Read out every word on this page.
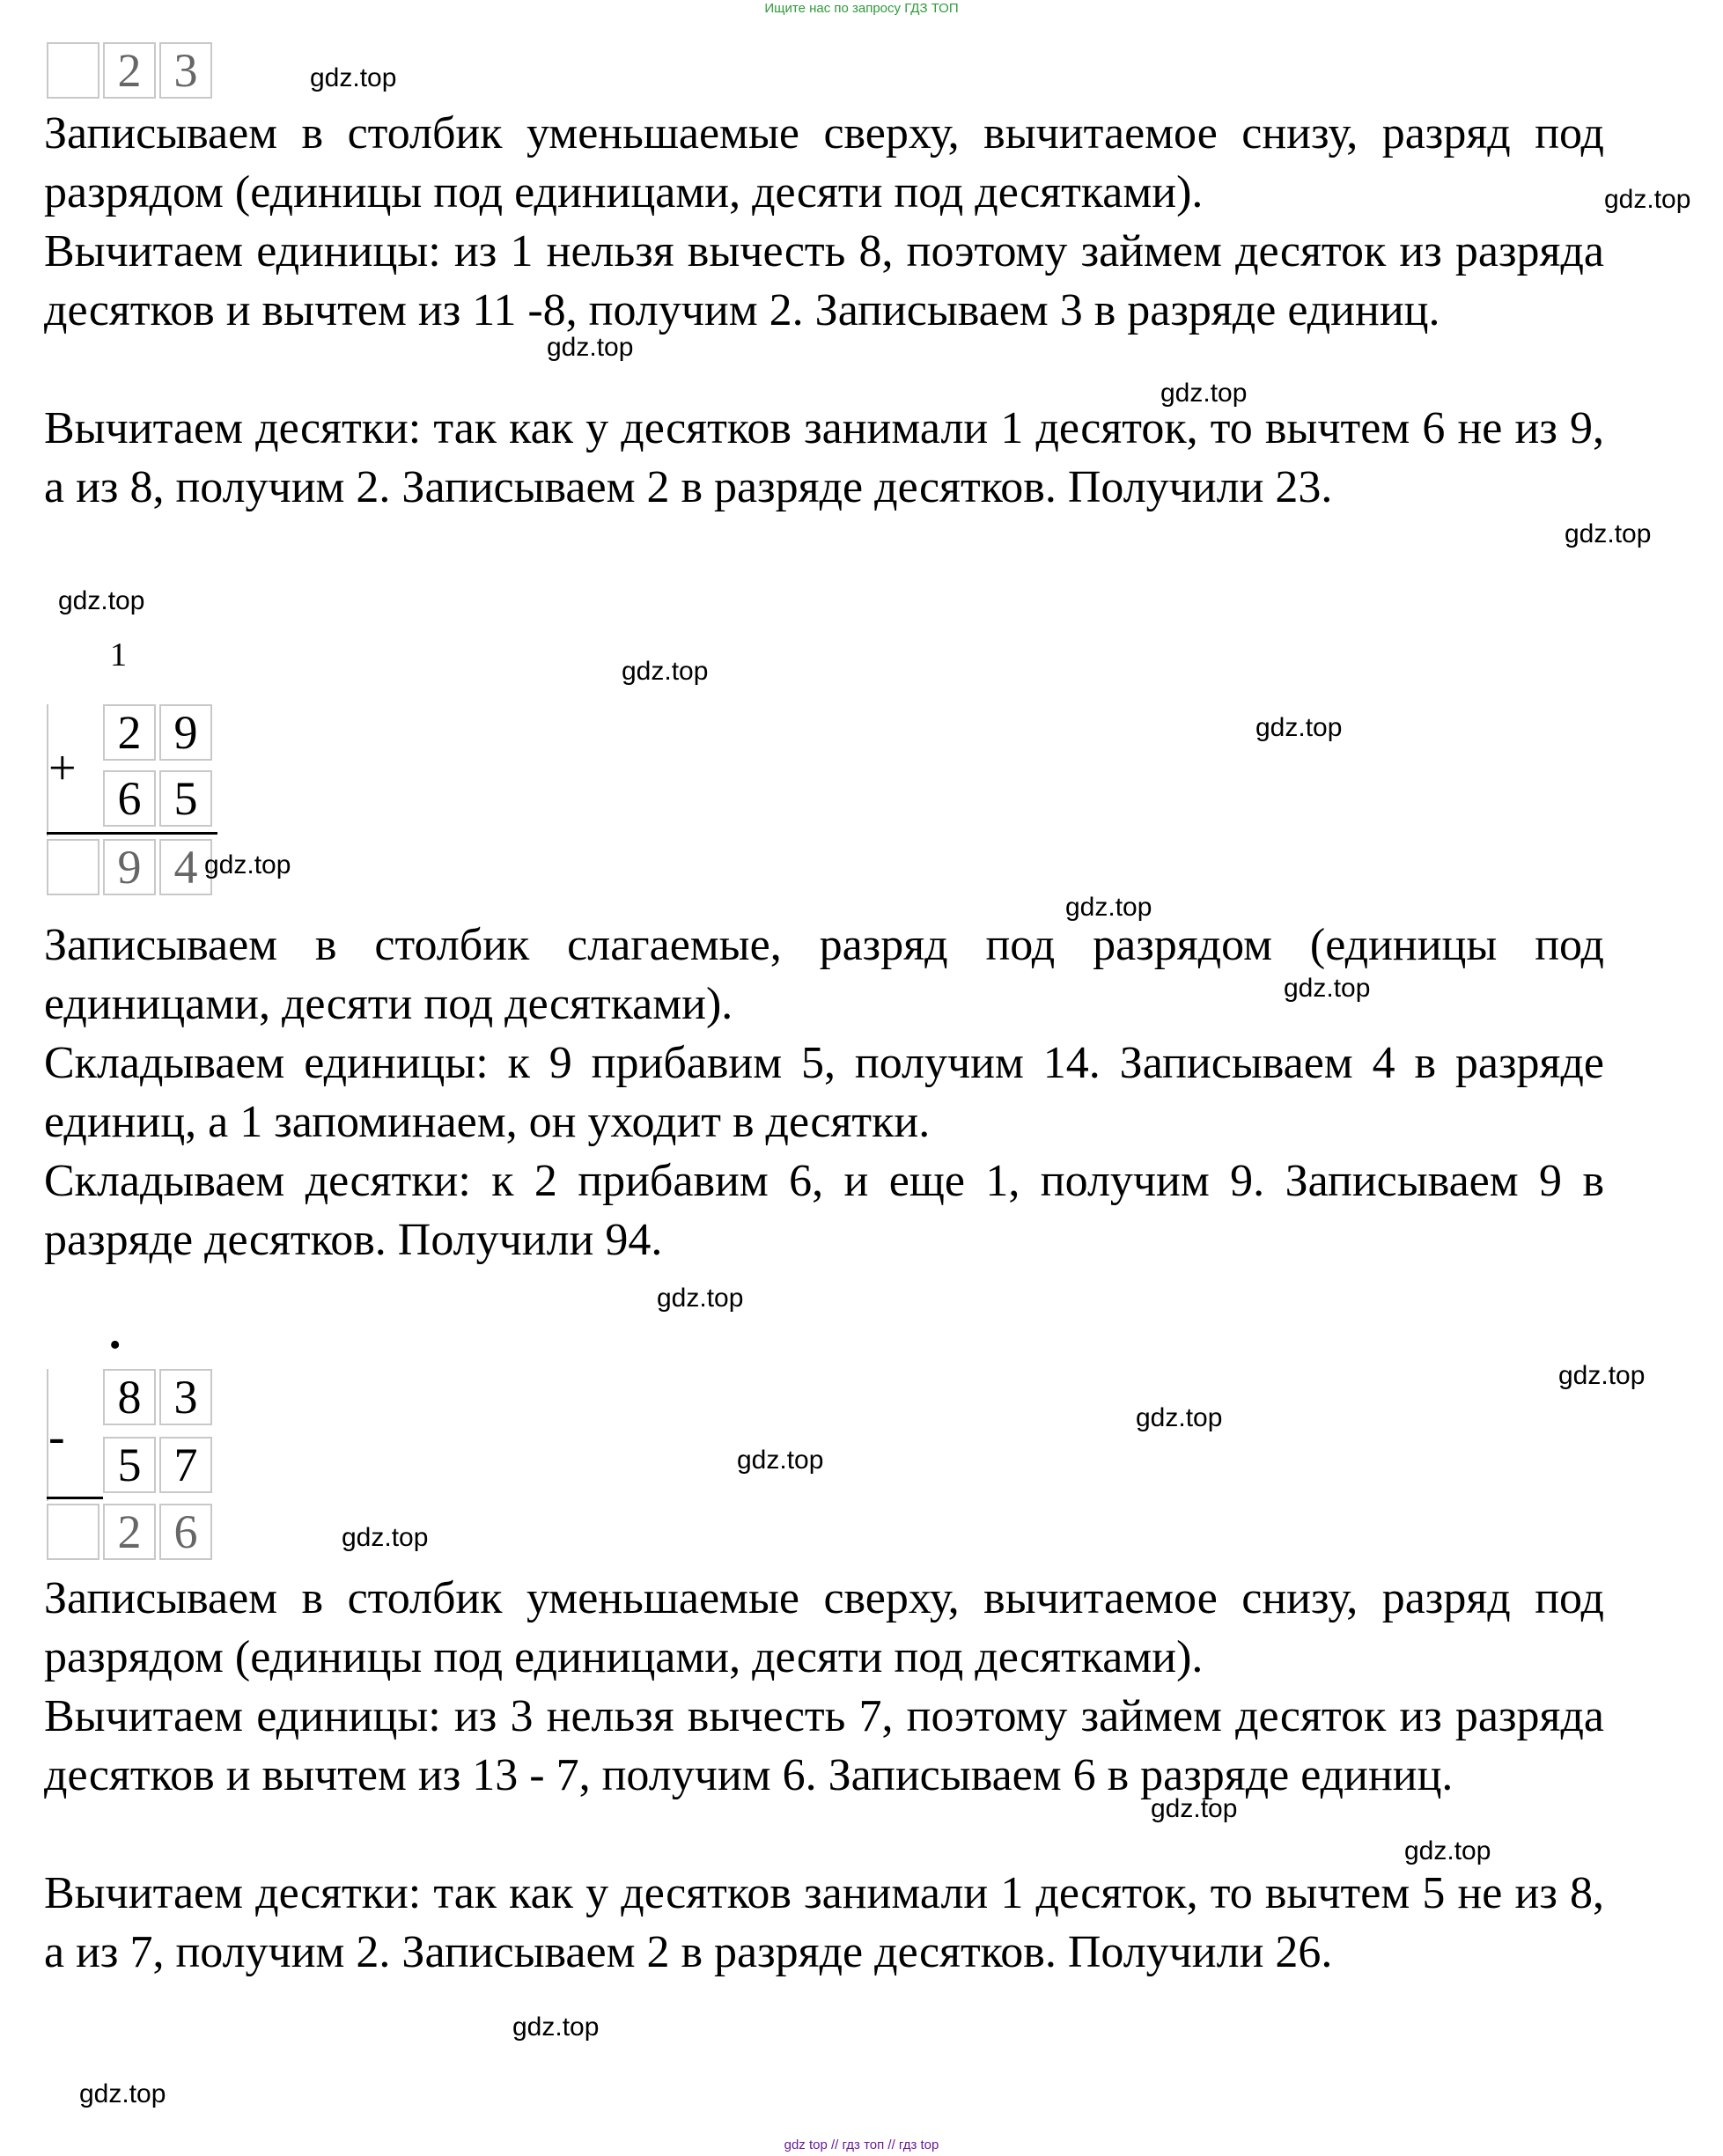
Ищите нас по запросу ГДЗ ТОП
2 3
Записываем в столбик уменьшаемые сверху, вычитаемое снизу, разряд под разрядом (единицы под единицами, десяти под десятками).
Вычитаем единицы: из 1 нельзя вычесть 8, поэтому займем десяток из разряда десятков и вычтем из 11 -8, получим 2. Записываем 3 в разряде единиц.
Вычитаем десятки: так как у десятков занимали 1 десяток, то вычтем 6 не из 9, а из 8, получим 2. Записываем 2 в разряде десятков. Получили 23.
1
+
2 9
6 5
9 4
Записываем в столбик слагаемые, разряд под разрядом (единицы под единицами, десяти под десятками).
Складываем единицы: к 9 прибавим 5, получим 14. Записываем 4 в разряде единиц, а 1 запоминаем, он уходит в десятки.
Складываем десятки: к 2 прибавим 6, и еще 1, получим 9. Записываем 9 в разряде десятков. Получили 94.
•
-
8 3
5 7
2 6
Записываем в столбик уменьшаемые сверху, вычитаемое снизу, разряд под разрядом (единицы под единицами, десяти под десятками).
Вычитаем единицы: из 3 нельзя вычесть 7, поэтому займем десяток из разряда десятков и вычтем из 13 - 7, получим 6. Записываем 6 в разряде единиц.
Вычитаем десятки: так как у десятков занимали 1 десяток, то вычтем 5 не из 8, а из 7, получим 2. Записываем 2 в разряде десятков. Получили 26.
gdz.top
gdz.top
gdz.top
gdz.top
gdz.top
gdz.top
gdz.top
gdz.top
gdz.top
gdz.top
gdz.top
gdz.top
gdz.top
gdz.top
gdz.top
gdz.top
gdz.top
gdz.top
gdz.top
gdz.top
gdz top // гдз топ // гдз top
